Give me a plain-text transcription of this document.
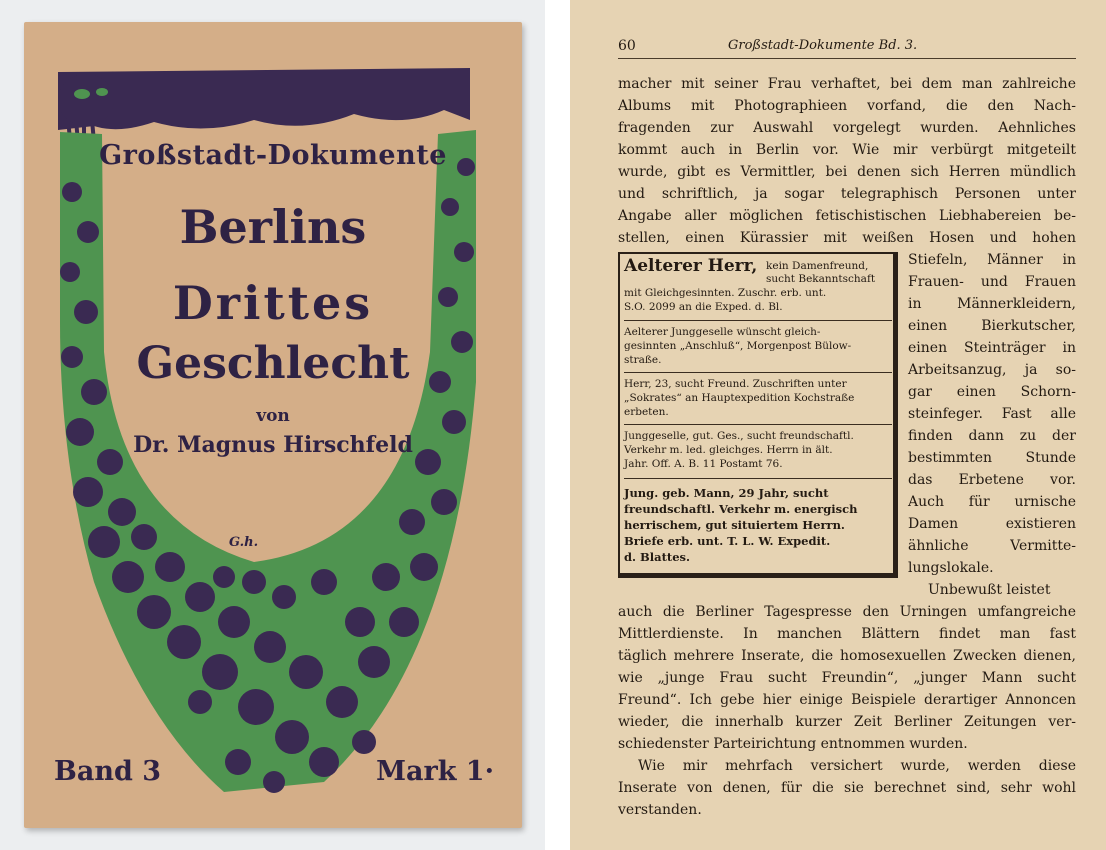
Großstadt-Dokumente
Berlins
Drittes
Geschlecht
von
Dr. Magnus Hirschfeld
G.h.
Band 3	Mark 1·
60	Großstadt-Dokumente Bd. 3.
macher mit seiner Frau verhaftet, bei dem man zahlreiche
Albums mit Photographieen vorfand, die den Nach-
fragenden zur Auswahl vorgelegt wurden. Aehnliches
kommt auch in Berlin vor. Wie mir verbürgt mitgeteilt
wurde, gibt es Vermittler, bei denen sich Herren mündlich
und schriftlich, ja sogar telegraphisch Personen unter
Angabe aller möglichen fetischistischen Liebhabereien be-
stellen, einen Kürassier mit weißen Hosen und hohen
Aelterer Herr, kein Damenfreund,
sucht Bekanntschaft
mit Gleichgesinnten. Zuschr. erb. unt.
S.O. 2099 an die Exped. d. Bl.
Aelterer Junggeselle wünscht gleich-
gesinnten „Anschluß“, Morgenpost Bülow-
straße.
Herr, 23, sucht Freund. Zuschriften unter
„Sokrates“ an Hauptexpedition Kochstraße
erbeten.
Junggeselle, gut. Ges., sucht freundschaftl.
Verkehr m. led. gleichges. Herrn in ält.
Jahr. Off. A. B. 11 Postamt 76.
Jung. geb. Mann, 29 Jahr, sucht
freundschaftl. Verkehr m. energisch
herrischem, gut situiertem Herrn.
Briefe erb. unt. T. L. W. Expedit.
d. Blattes.
Stiefeln, Männer in
Frauen- und Frauen
in Männerkleidern,
einen Bierkutscher,
einen Steinträger in
Arbeitsanzug, ja so-
gar einen Schorn-
steinfeger. Fast alle
finden dann zu der
bestimmten Stunde
das Erbetene vor.
Auch für urnische
Damen existieren
ähnliche Vermitte-
lungslokale.
Unbewußt leistet
auch die Berliner Tagespresse den Urningen umfangreiche
Mittlerdienste. In manchen Blättern findet man fast
täglich mehrere Inserate, die homosexuellen Zwecken dienen,
wie „junge Frau sucht Freundin“, „junger Mann sucht
Freund“. Ich gebe hier einige Beispiele derartiger Annoncen
wieder, die innerhalb kurzer Zeit Berliner Zeitungen ver-
schiedenster Parteirichtung entnommen wurden.
Wie mir mehrfach versichert wurde, werden diese
Inserate von denen, für die sie berechnet sind, sehr wohl
verstanden.
